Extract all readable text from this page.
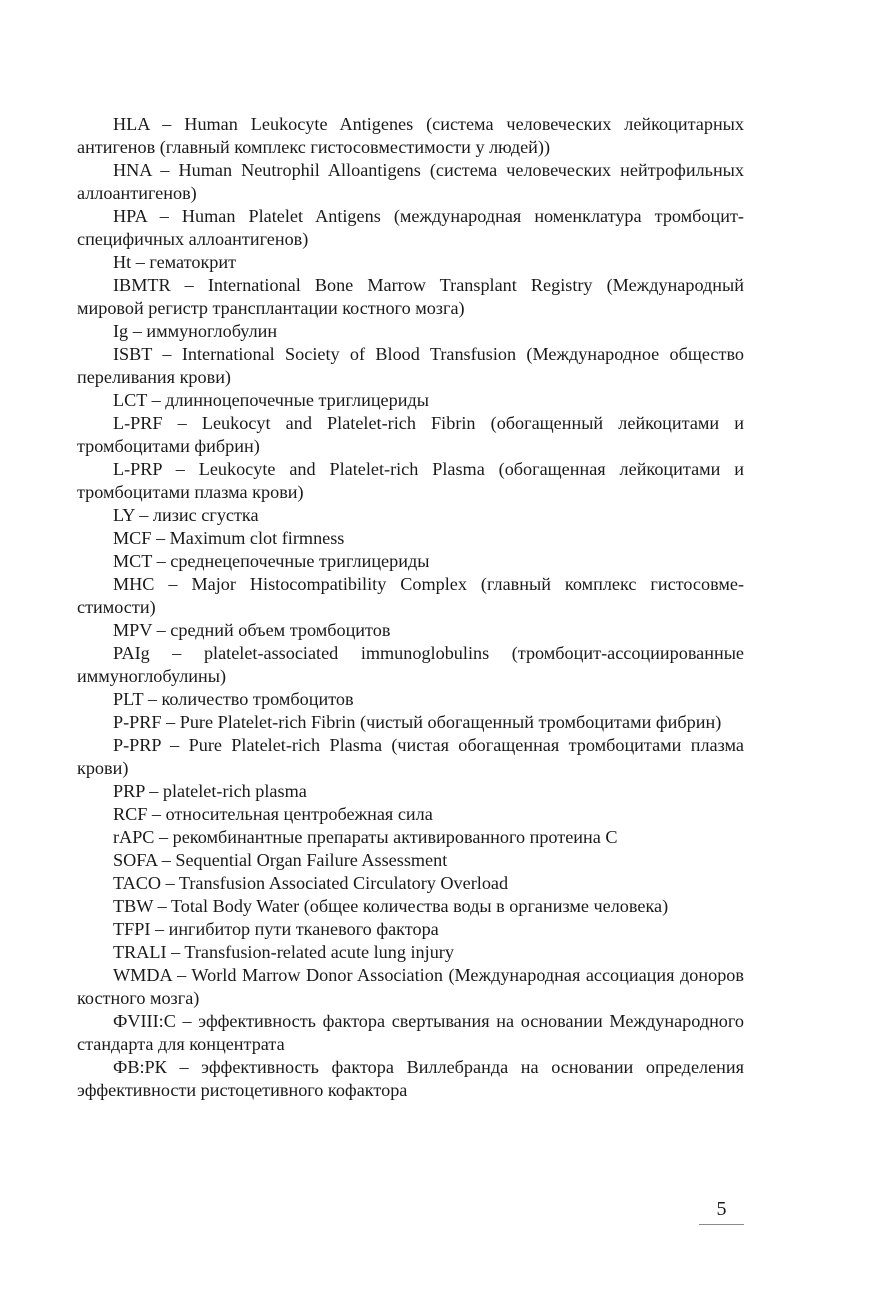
HLA – Human Leukocyte Antigenes (система человеческих лейкоцитарных антигенов (главный комплекс гистосовместимости у людей))

HNA – Human Neutrophil Alloantigens (система человеческих нейтрофильных аллоантигенов)

HPA – Human Platelet Antigens (международная номенклатура тромбоцит-специфичных аллоантигенов)

Ht – гематокрит

IBMTR – International Bone Marrow Transplant Registry (Международный мировой регистр трансплантации костного мозга)

Ig – иммуноглобулин

ISBT – International Society of Blood Transfusion (Международное общество переливания крови)

LCT – длинноцепочечные триглицериды

L-PRF – Leukocyt and Platelet-rich Fibrin (обогащенный лейкоцитами и тромбоцитами фибрин)

L-PRP – Leukocyte and Platelet-rich Plasma (обогащенная лейкоцитами и тромбоцитами плазма крови)

LY – лизис сгустка

MCF – Maximum clot firmness

MCT – среднецепочечные триглицериды

MHC – Major Histocompatibility Complex (главный комплекс гистосовместимости)

MPV – средний объем тромбоцитов

PAIg – platelet-associated immunoglobulins (тромбоцит-ассоциированные иммуноглобулины)

PLT – количество тромбоцитов

P-PRF – Pure Platelet-rich Fibrin (чистый обогащенный тромбоцитами фибрин)

P-PRP – Pure Platelet-rich Plasma (чистая обогащенная тромбоцитами плазма крови)

PRP – platelet-rich plasma

RCF – относительная центробежная сила

rAPC – рекомбинантные препараты активированного протеина С

SOFA – Sequential Organ Failure Assessment

TACO – Transfusion Associated Circulatory Overload

TBW – Total Body Water (общее количества воды в организме человека)

TFPI – ингибитор пути тканевого фактора

TRALI – Transfusion-related acute lung injury

WMDA – World Marrow Donor Association (Международная ассоциация доноров костного мозга)

ФVIII:C – эффективность фактора свертывания на основании Международного стандарта для концентрата

ФВ:РК – эффективность фактора Виллебранда на основании определения эффективности ристоцетивного кофактора

5
